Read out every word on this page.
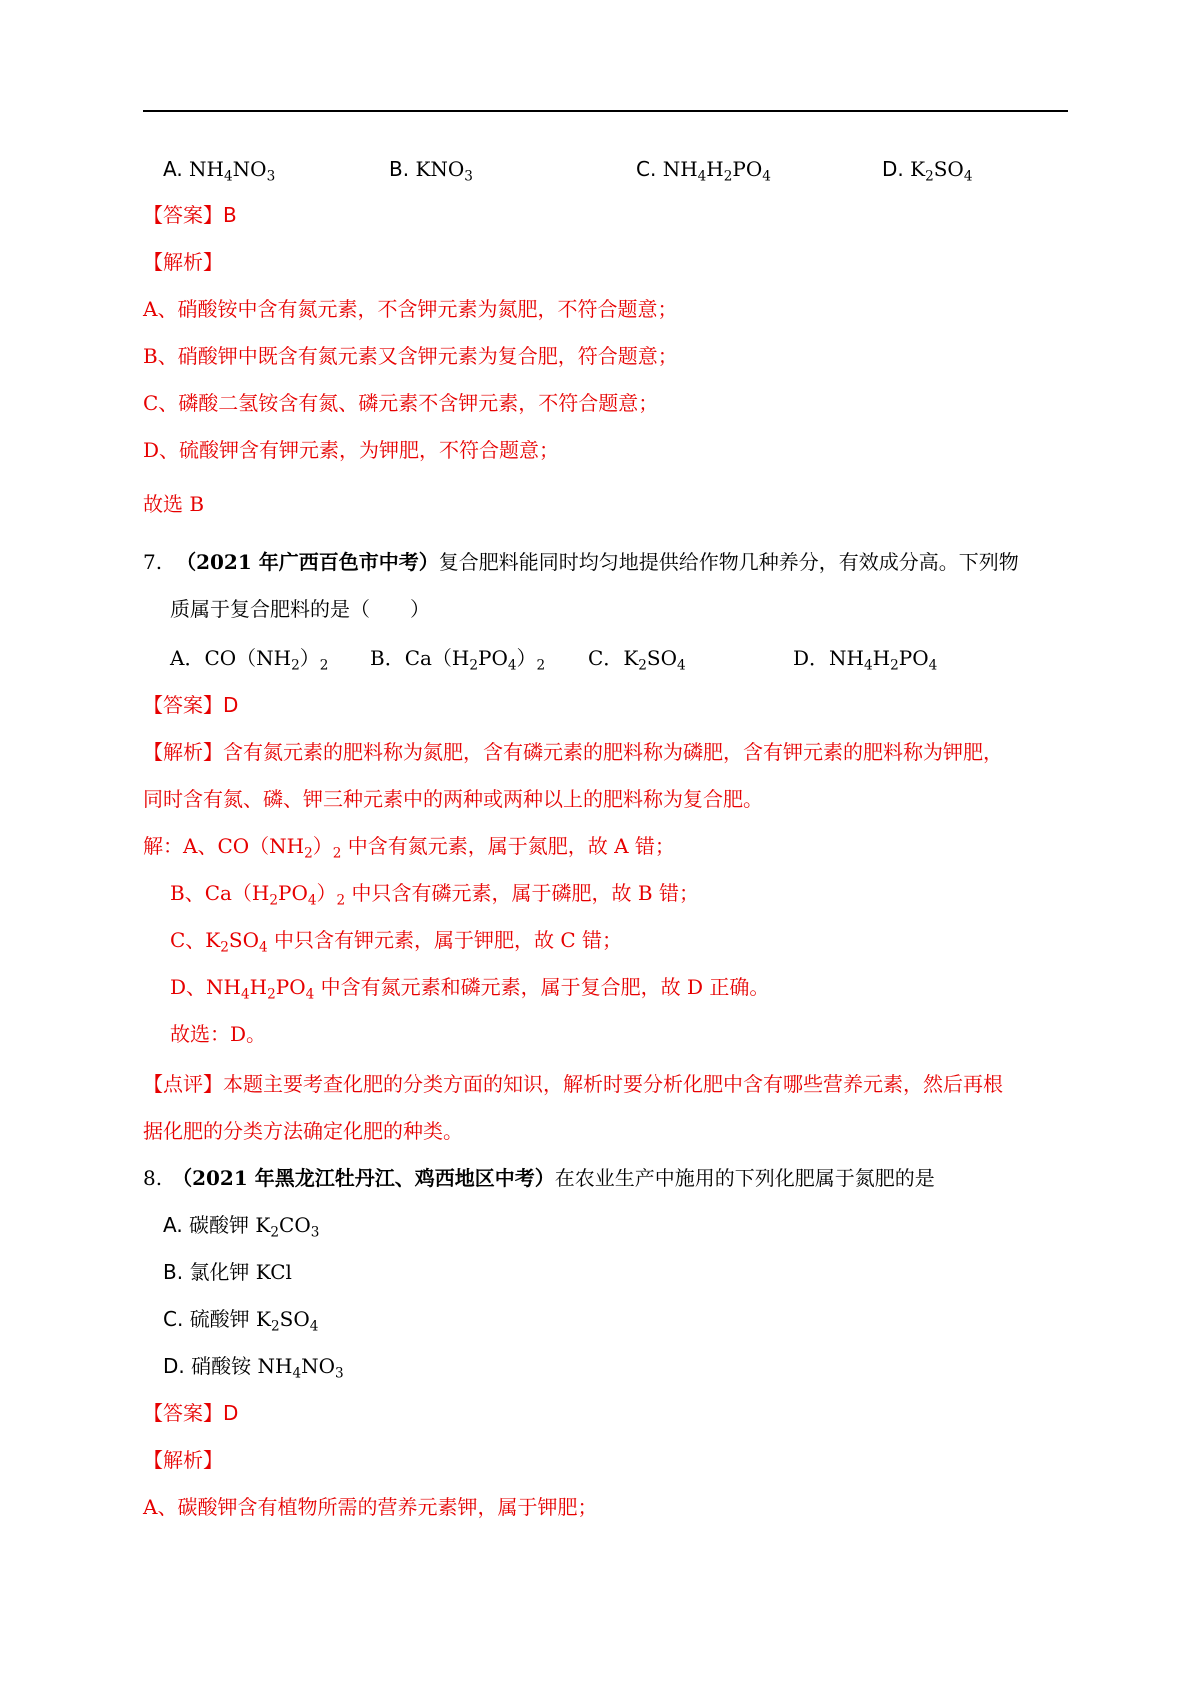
A. $NH_4NO_3$	B. $KNO_3$	C. $NH_4H_2PO_4$	D. $K_2SO_4$
【答案】B
【解析】
A、硝酸铵中含有氮元素，不含钾元素为氮肥，不符合题意；
B、硝酸钾中既含有氮元素又含钾元素为复合肥，符合题意；
C、磷酸二氢铵含有氮、磷元素不含钾元素，不符合题意；
D、硫酸钾含有钾元素，为钾肥，不符合题意；
故选 B
7. （2021 年广西百色市中考）复合肥料能同时均匀地提供给作物几种养分，有效成分高。下列物
质属于复合肥料的是（　　）
A．$CO(NH_2)_2$ B．$Ca(H_2PO_4)_2$ C．$K_2SO_4$	D．$NH_4H_2PO_4$
【答案】D
【解析】含有氮元素的肥料称为氮肥，含有磷元素的肥料称为磷肥，含有钾元素的肥料称为钾肥，
同时含有氮、磷、钾三种元素中的两种或两种以上的肥料称为复合肥。
解：A、$CO(NH_2)_2$ 中含有氮元素，属于氮肥，故 A 错；
B、$Ca(H_2PO_4)_2$ 中只含有磷元素，属于磷肥，故 B 错；
C、$K_2SO_4$ 中只含有钾元素，属于钾肥，故 C 错；
D、$NH_4H_2PO_4$ 中含有氮元素和磷元素，属于复合肥，故 D 正确。
故选：D。
【点评】本题主要考查化肥的分类方面的知识，解析时要分析化肥中含有哪些营养元素，然后再根
据化肥的分类方法确定化肥的种类。
8. （2021 年黑龙江牡丹江、鸡西地区中考）在农业生产中施用的下列化肥属于氮肥的是
A. 碳酸钾 $K_2CO_3$
B. 氯化钾 KCl
C. 硫酸钾 $K_2SO_4$
D. 硝酸铵 $NH_4NO_3$
【答案】D
【解析】
A、碳酸钾含有植物所需的营养元素钾，属于钾肥；
